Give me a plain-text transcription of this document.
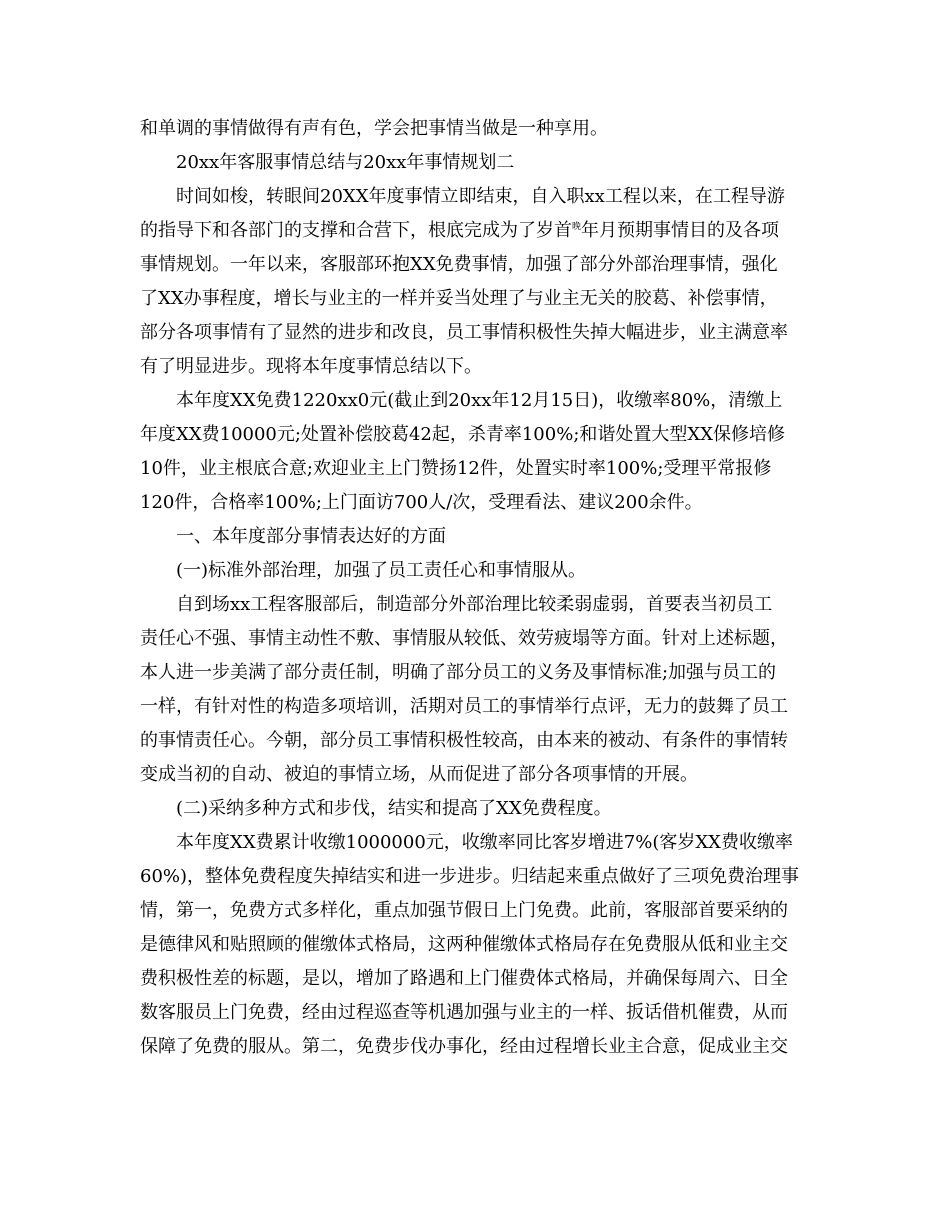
和单调的事情做得有声有色，学会把事情当做是一种享用。
20xx年客服事情总结与20xx年事情规划二
时间如梭，转眼间20XX年度事情立即结束，自入职xx工程以来，在工程导游
的指导下和各部门的支撑和合营下，根底完成为了岁首$^晚$年月预期事情目的及各项
事情规划。一年以来，客服部环抱XX免费事情，加强了部分外部治理事情，强化
了XX办事程度，增长与业主的一样并妥当处理了与业主无关的胶葛、补偿事情，
部分各项事情有了显然的进步和改良，员工事情积极性失掉大幅进步，业主满意率
有了明显进步。现将本年度事情总结以下。
本年度XX免费1220xx0元(截止到20xx年12月15日)，收缴率80%，清缴上
年度XX费10000元;处置补偿胶葛42起，杀青率100%;和谐处置大型XX保修培修
10件，业主根底合意;欢迎业主上门赞扬12件，处置实时率100%;受理平常报修
120件，合格率100%;上门面访700人/次，受理看法、建议200余件。
一、本年度部分事情表达好的方面
(一)标准外部治理，加强了员工责任心和事情服从。
自到场xx工程客服部后，制造部分外部治理比较柔弱虚弱，首要表当初员工
责任心不强、事情主动性不敷、事情服从较低、效劳疲塌等方面。针对上述标题，
本人进一步美满了部分责任制，明确了部分员工的义务及事情标准;加强与员工的
一样，有针对性的构造多项培训，活期对员工的事情举行点评，无力的鼓舞了员工
的事情责任心。今朝，部分员工事情积极性较高，由本来的被动、有条件的事情转
变成当初的自动、被迫的事情立场，从而促进了部分各项事情的开展。
(二)采纳多种方式和步伐，结实和提高了XX免费程度。
本年度XX费累计收缴1000000元，收缴率同比客岁增进7%(客岁XX费收缴率
60%)，整体免费程度失掉结实和进一步进步。归结起来重点做好了三项免费治理事
情，第一，免费方式多样化，重点加强节假日上门免费。此前，客服部首要采纳的
是德律风和贴照顾的催缴体式格局，这两种催缴体式格局存在免费服从低和业主交
费积极性差的标题，是以，增加了路遇和上门催费体式格局，并确保每周六、日全
数客服员上门免费，经由过程巡查等机遇加强与业主的一样、扳话借机催费，从而
保障了免费的服从。第二，免费步伐办事化，经由过程增长业主合意，促成业主交
